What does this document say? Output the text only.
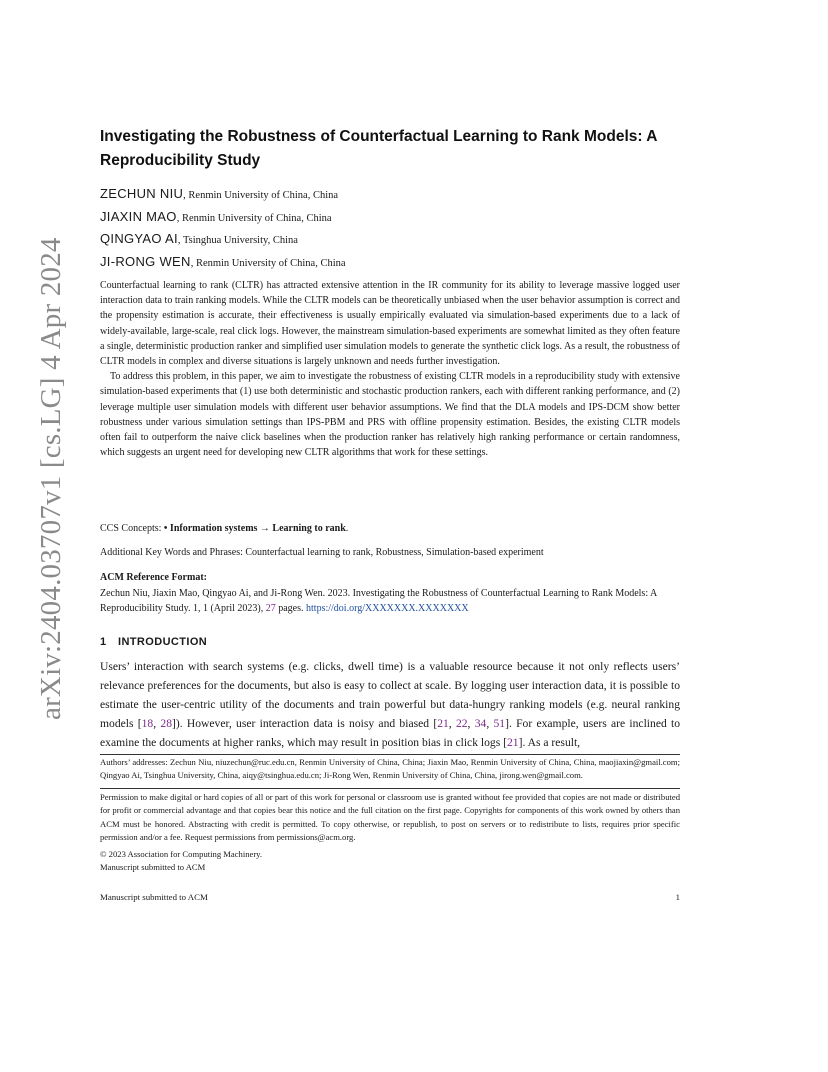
arXiv:2404.03707v1 [cs.LG] 4 Apr 2024
Investigating the Robustness of Counterfactual Learning to Rank Models: A Reproducibility Study
ZECHUN NIU, Renmin University of China, China
JIAXIN MAO, Renmin University of China, China
QINGYAO AI, Tsinghua University, China
JI-RONG WEN, Renmin University of China, China

Counterfactual learning to rank (CLTR) has attracted extensive attention in the IR community for its ability to leverage massive logged user interaction data to train ranking models. While the CLTR models can be theoretically unbiased when the user behavior assumption is correct and the propensity estimation is accurate, their effectiveness is usually empirically evaluated via simulation-based experiments due to a lack of widely-available, large-scale, real click logs. However, the mainstream simulation-based experiments are somewhat limited as they often feature a single, deterministic production ranker and simplified user simulation models to generate the synthetic click logs. As a result, the robustness of CLTR models in complex and diverse situations is largely unknown and needs further investigation.

To address this problem, in this paper, we aim to investigate the robustness of existing CLTR models in a reproducibility study with extensive simulation-based experiments that (1) use both deterministic and stochastic production rankers, each with different ranking performance, and (2) leverage multiple user simulation models with different user behavior assumptions. We find that the DLA models and IPS-DCM show better robustness under various simulation settings than IPS-PBM and PRS with offline propensity estimation. Besides, the existing CLTR models often fail to outperform the naive click baselines when the production ranker has relatively high ranking performance or certain randomness, which suggests an urgent need for developing new CLTR algorithms that work for these settings.

CCS Concepts: • Information systems → Learning to rank.
Additional Key Words and Phrases: Counterfactual learning to rank, Robustness, Simulation-based experiment
ACM Reference Format:
Zechun Niu, Jiaxin Mao, Qingyao Ai, and Ji-Rong Wen. 2023. Investigating the Robustness of Counterfactual Learning to Rank Models: A Reproducibility Study. 1, 1 (April 2023), 27 pages. https://doi.org/XXXXXXX.XXXXXXX
1 INTRODUCTION
Users’ interaction with search systems (e.g. clicks, dwell time) is a valuable resource because it not only reflects users’ relevance preferences for the documents, but also is easy to collect at scale. By logging user interaction data, it is possible to estimate the user-centric utility of the documents and train powerful but data-hungry ranking models (e.g. neural ranking models [18, 28]). However, user interaction data is noisy and biased [21, 22, 34, 51]. For example, users are inclined to examine the documents at higher ranks, which may result in position bias in click logs [21]. As a result,
Authors’ addresses: Zechun Niu, niuzechun@ruc.edu.cn, Renmin University of China, China; Jiaxin Mao, Renmin University of China, China, maojiaxin@gmail.com; Qingyao Ai, Tsinghua University, China, aiqy@tsinghua.edu.cn; Ji-Rong Wen, Renmin University of China, China, jirong.wen@gmail.com.
Permission to make digital or hard copies of all or part of this work for personal or classroom use is granted without fee provided that copies are not made or distributed for profit or commercial advantage and that copies bear this notice and the full citation on the first page. Copyrights for components of this work owned by others than ACM must be honored. Abstracting with credit is permitted. To copy otherwise, or republish, to post on servers or to redistribute to lists, requires prior specific permission and/or a fee. Request permissions from permissions@acm.org.
© 2023 Association for Computing Machinery.
Manuscript submitted to ACM
Manuscript submitted to ACM	1
